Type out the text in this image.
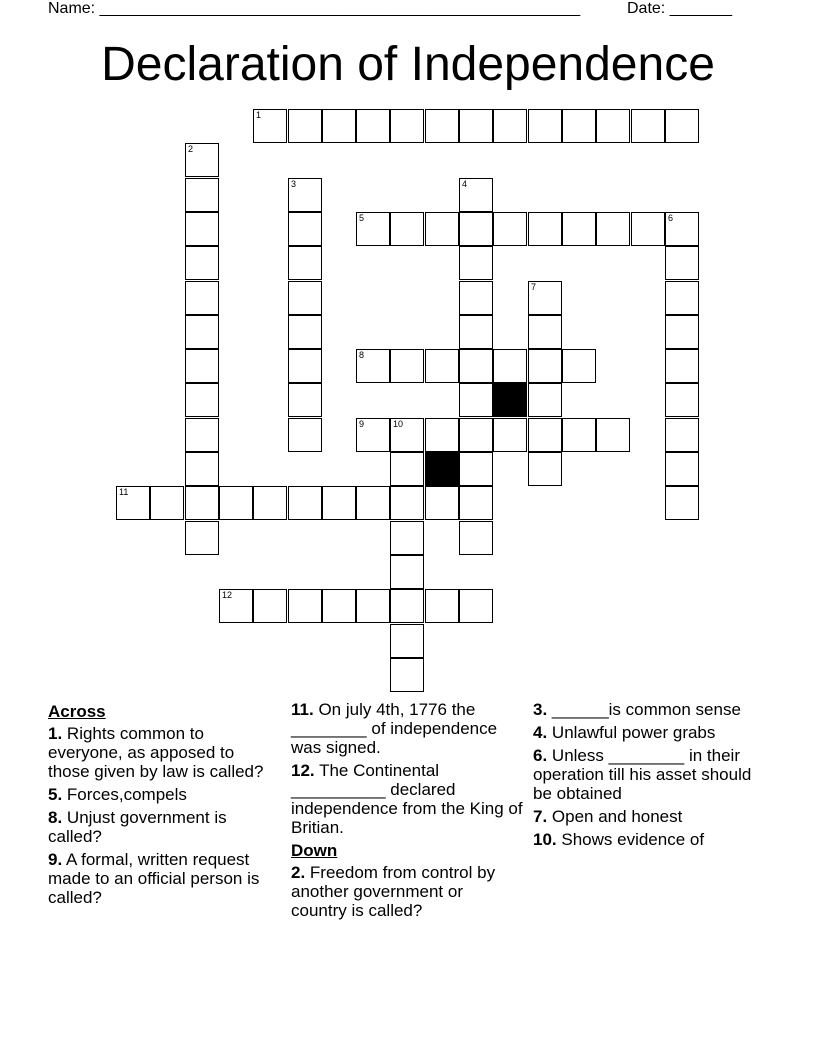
Name: ______________________________________________________	Date: _______
Declaration of Independence
1
5	6
8
9	10
11
12
2
3	4
7
Across
1. Rights common to everyone, as apposed to those given by law is called?
5. Forces,compels
8. Unjust government is called?
9. A formal, written request made to an official person is called?
11. On july 4th, 1776 the ________ of independence was signed.
12. The Continental __________ declared independence from the King of Britian.
Down
2. Freedom from control by another government or country is called?
3. ______is common sense
4. Unlawful power grabs
6. Unless ________ in their operation till his asset should be obtained
7. Open and honest
10. Shows evidence of
